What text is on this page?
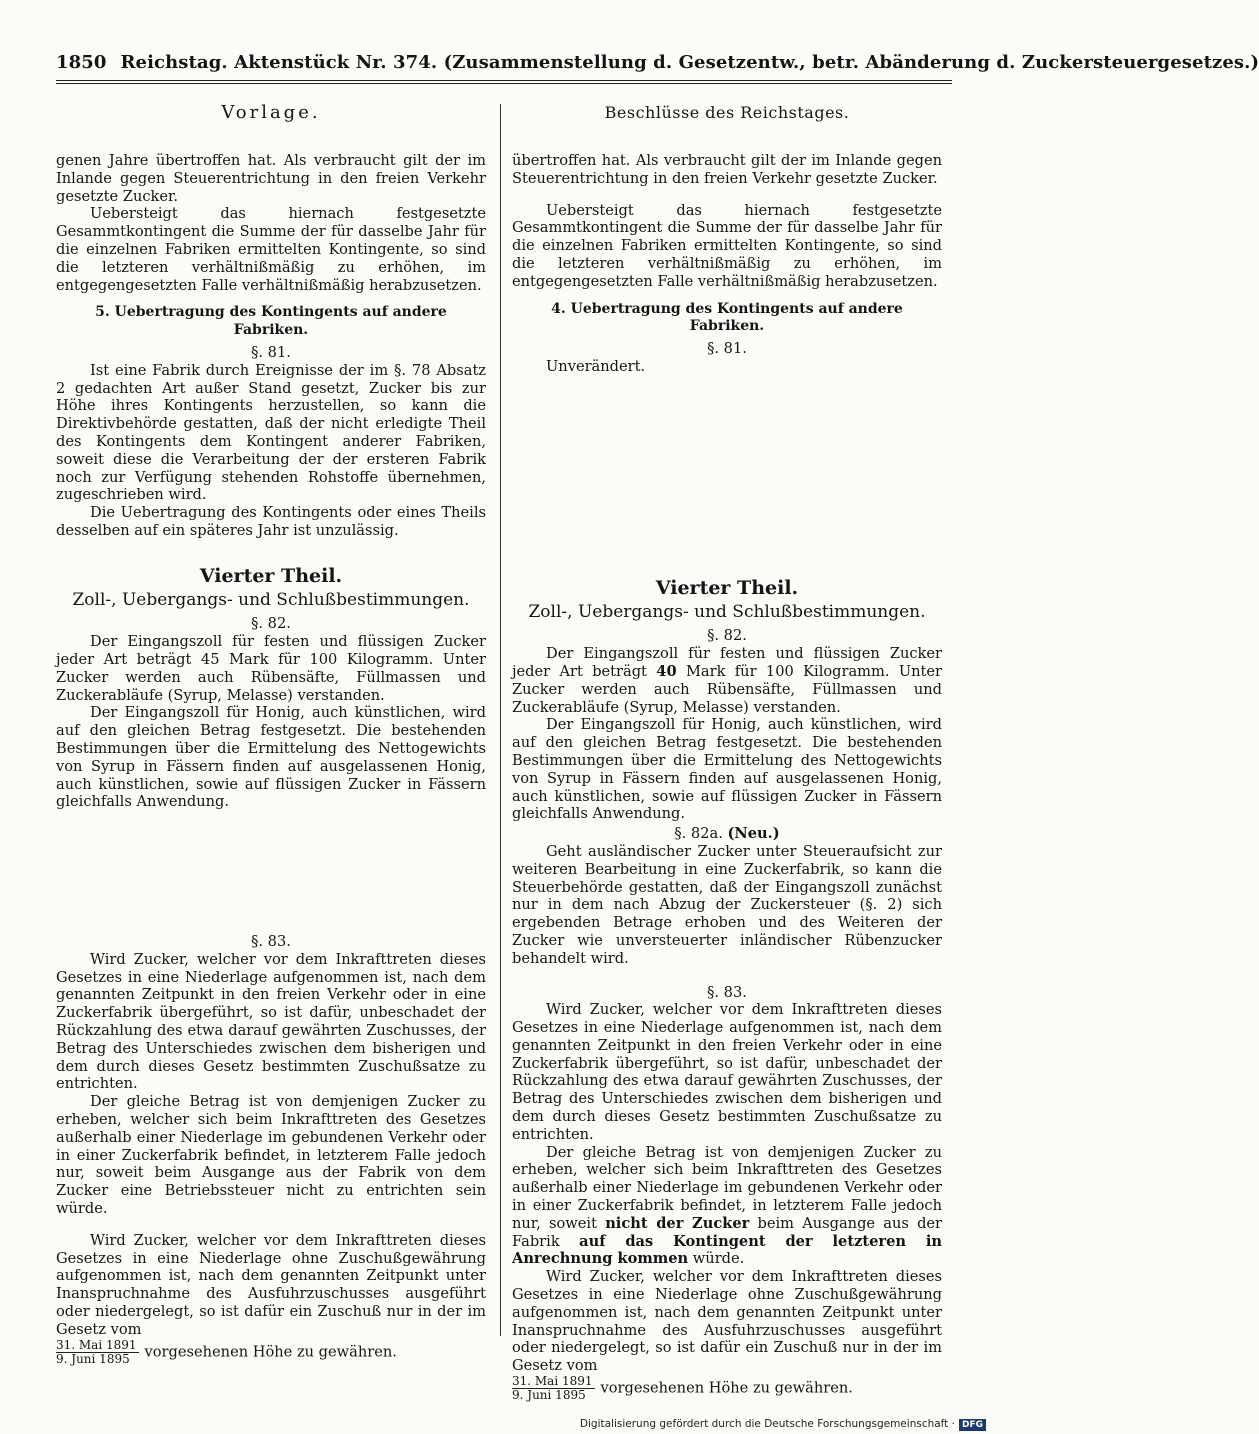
1850 Reichstag. Aktenstück Nr. 374. (Zusammenstellung d. Gesetzentw., betr. Abänderung d. Zuckersteuergesetzes.)
Vorlage.

genen Jahre übertroffen hat. Als verbraucht gilt der im Inlande gegen Steuerentrichtung in den freien Verkehr gesetzte Zucker.

Uebersteigt das hiernach festgesetzte Gesammtkontingent die Summe der für dasselbe Jahr für die einzelnen Fabriken ermittelten Kontingente, so sind die letzteren verhältnißmäßig zu erhöhen, im entgegengesetzten Falle verhältnißmäßig herabzusetzen.

5. Uebertragung des Kontingents auf andere Fabriken.
§. 81.

Ist eine Fabrik durch Ereignisse der im §. 78 Absatz 2 gedachten Art außer Stand gesetzt, Zucker bis zur Höhe ihres Kontingents herzustellen, so kann die Direktivbehörde gestatten, daß der nicht erledigte Theil des Kontingents dem Kontingent anderer Fabriken, soweit diese die Verarbeitung der der ersteren Fabrik noch zur Verfügung stehenden Rohstoffe übernehmen, zugeschrieben wird.

Die Uebertragung des Kontingents oder eines Theils desselben auf ein späteres Jahr ist unzulässig.

Vierter Theil.
Zoll-, Uebergangs- und Schlußbestimmungen.
§. 82.

Der Eingangszoll für festen und flüssigen Zucker jeder Art beträgt 45 Mark für 100 Kilogramm. Unter Zucker werden auch Rübensäfte, Füllmassen und Zuckerabläufe (Syrup, Melasse) verstanden.

Der Eingangszoll für Honig, auch künstlichen, wird auf den gleichen Betrag festgesetzt. Die bestehenden Bestimmungen über die Ermittelung des Nettogewichts von Syrup in Fässern finden auf ausgelassenen Honig, auch künstlichen, sowie auf flüssigen Zucker in Fässern gleichfalls Anwendung.

§. 83.

Wird Zucker, welcher vor dem Inkrafttreten dieses Gesetzes in eine Niederlage aufgenommen ist, nach dem genannten Zeitpunkt in den freien Verkehr oder in eine Zuckerfabrik übergeführt, so ist dafür, unbeschadet der Rückzahlung des etwa darauf gewährten Zuschusses, der Betrag des Unterschiedes zwischen dem bisherigen und dem durch dieses Gesetz bestimmten Zuschußsatze zu entrichten.

Der gleiche Betrag ist von demjenigen Zucker zu erheben, welcher sich beim Inkrafttreten des Gesetzes außerhalb einer Niederlage im gebundenen Verkehr oder in einer Zuckerfabrik befindet, in letzterem Falle jedoch nur, soweit beim Ausgange aus der Fabrik von dem Zucker eine Betriebssteuer nicht zu entrichten sein würde.

Wird Zucker, welcher vor dem Inkrafttreten dieses Gesetzes in eine Niederlage ohne Zuschußgewährung aufgenommen ist, nach dem genannten Zeitpunkt unter Inanspruchnahme des Ausfuhrzuschusses ausgeführt oder niedergelegt, so ist dafür ein Zuschuß nur in der im Gesetz vom

$\frac{\text{31. Mai 1891}}{\text{9. Juni 1895}}$ vorgesehenen Höhe zu gewähren.
Beschlüsse des Reichstages.

übertroffen hat. Als verbraucht gilt der im Inlande gegen Steuerentrichtung in den freien Verkehr gesetzte Zucker.

Uebersteigt das hiernach festgesetzte Gesammtkontingent die Summe der für dasselbe Jahr für die einzelnen Fabriken ermittelten Kontingente, so sind die letzteren verhältnißmäßig zu erhöhen, im entgegengesetzten Falle verhältnißmäßig herabzusetzen.

4. Uebertragung des Kontingents auf andere Fabriken.
§. 81.

Unverändert.

Vierter Theil.
Zoll-, Uebergangs- und Schlußbestimmungen.
§. 82.

Der Eingangszoll für festen und flüssigen Zucker jeder Art beträgt 40 Mark für 100 Kilogramm. Unter Zucker werden auch Rübensäfte, Füllmassen und Zuckerabläufe (Syrup, Melasse) verstanden.

Der Eingangszoll für Honig, auch künstlichen, wird auf den gleichen Betrag festgesetzt. Die bestehenden Bestimmungen über die Ermittelung des Nettogewichts von Syrup in Fässern finden auf ausgelassenen Honig, auch künstlichen, sowie auf flüssigen Zucker in Fässern gleichfalls Anwendung.

§. 82a. (Neu.)

Geht ausländischer Zucker unter Steueraufsicht zur weiteren Bearbeitung in eine Zuckerfabrik, so kann die Steuerbehörde gestatten, daß der Eingangszoll zunächst nur in dem nach Abzug der Zuckersteuer (§. 2) sich ergebenden Betrage erhoben und des Weiteren der Zucker wie unversteuerter inländischer Rübenzucker behandelt wird.

§. 83.

Wird Zucker, welcher vor dem Inkrafttreten dieses Gesetzes in eine Niederlage aufgenommen ist, nach dem genannten Zeitpunkt in den freien Verkehr oder in eine Zuckerfabrik übergeführt, so ist dafür, unbeschadet der Rückzahlung des etwa darauf gewährten Zuschusses, der Betrag des Unterschiedes zwischen dem bisherigen und dem durch dieses Gesetz bestimmten Zuschußsatze zu entrichten.

Der gleiche Betrag ist von demjenigen Zucker zu erheben, welcher sich beim Inkrafttreten des Gesetzes außerhalb einer Niederlage im gebundenen Verkehr oder in einer Zuckerfabrik befindet, in letzterem Falle jedoch nur, soweit nicht der Zucker beim Ausgange aus der Fabrik auf das Kontingent der letzteren in Anrechnung kommen würde.

Wird Zucker, welcher vor dem Inkrafttreten dieses Gesetzes in eine Niederlage ohne Zuschußgewährung aufgenommen ist, nach dem genannten Zeitpunkt unter Inanspruchnahme des Ausfuhrzuschusses ausgeführt oder niedergelegt, so ist dafür ein Zuschuß nur in der im Gesetz vom

$\frac{\text{31. Mai 1891}}{\text{9. Juni 1895}}$ vorgesehenen Höhe zu gewähren.
Digitalisierung gefördert durch die Deutsche Forschungsgemeinschaft · DFG
